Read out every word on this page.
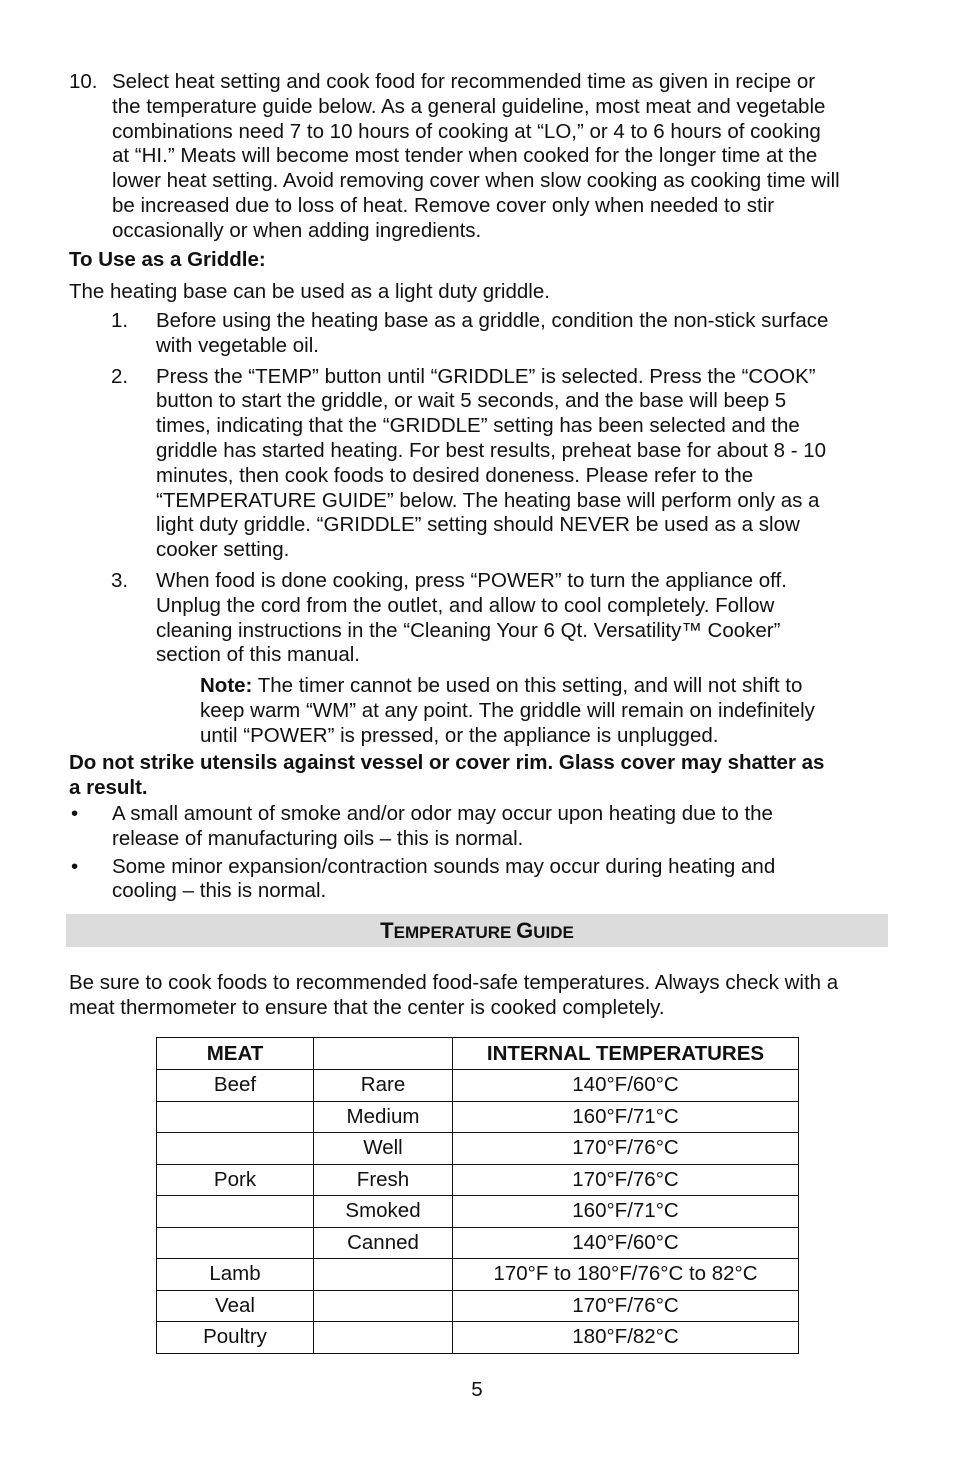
10. Select heat setting and cook food for recommended time as given in recipe or
the temperature guide below. As a general guideline, most meat and vegetable
combinations need 7 to 10 hours of cooking at “LO,” or 4 to 6 hours of cooking
at “HI.” Meats will become most tender when cooked for the longer time at the
lower heat setting. Avoid removing cover when slow cooking as cooking time will
be increased due to loss of heat. Remove cover only when needed to stir
occasionally or when adding ingredients.
To Use as a Griddle:
The heating base can be used as a light duty griddle.
1. Before using the heating base as a griddle, condition the non-stick surface
with vegetable oil.
2. Press the “TEMP” button until “GRIDDLE” is selected. Press the “COOK”
button to start the griddle, or wait 5 seconds, and the base will beep 5
times, indicating that the “GRIDDLE” setting has been selected and the
griddle has started heating. For best results, preheat base for about 8 - 10
minutes, then cook foods to desired doneness. Please refer to the
“TEMPERATURE GUIDE” below. The heating base will perform only as a
light duty griddle. “GRIDDLE” setting should NEVER be used as a slow
cooker setting.
3. When food is done cooking, press “POWER” to turn the appliance off.
Unplug the cord from the outlet, and allow to cool completely. Follow
cleaning instructions in the “Cleaning Your 6 Qt. Versatility™ Cooker”
section of this manual.
Note: The timer cannot be used on this setting, and will not shift to
keep warm “WM” at any point. The griddle will remain on indefinitely
until “POWER” is pressed, or the appliance is unplugged.
Do not strike utensils against vessel or cover rim. Glass cover may shatter as
a result.
• A small amount of smoke and/or odor may occur upon heating due to the
release of manufacturing oils – this is normal.
• Some minor expansion/contraction sounds may occur during heating and
cooling – this is normal.
TEMPERATURE GUIDE
Be sure to cook foods to recommended food-safe temperatures. Always check with a
meat thermometer to ensure that the center is cooked completely.
MEAT		INTERNAL TEMPERATURES
Beef	Rare	140°F/60°C
	Medium	160°F/71°C
	Well	170°F/76°C
Pork	Fresh	170°F/76°C
	Smoked	160°F/71°C
	Canned	140°F/60°C
Lamb		170°F to 180°F/76°C to 82°C
Veal		170°F/76°C
Poultry		180°F/82°C
5
